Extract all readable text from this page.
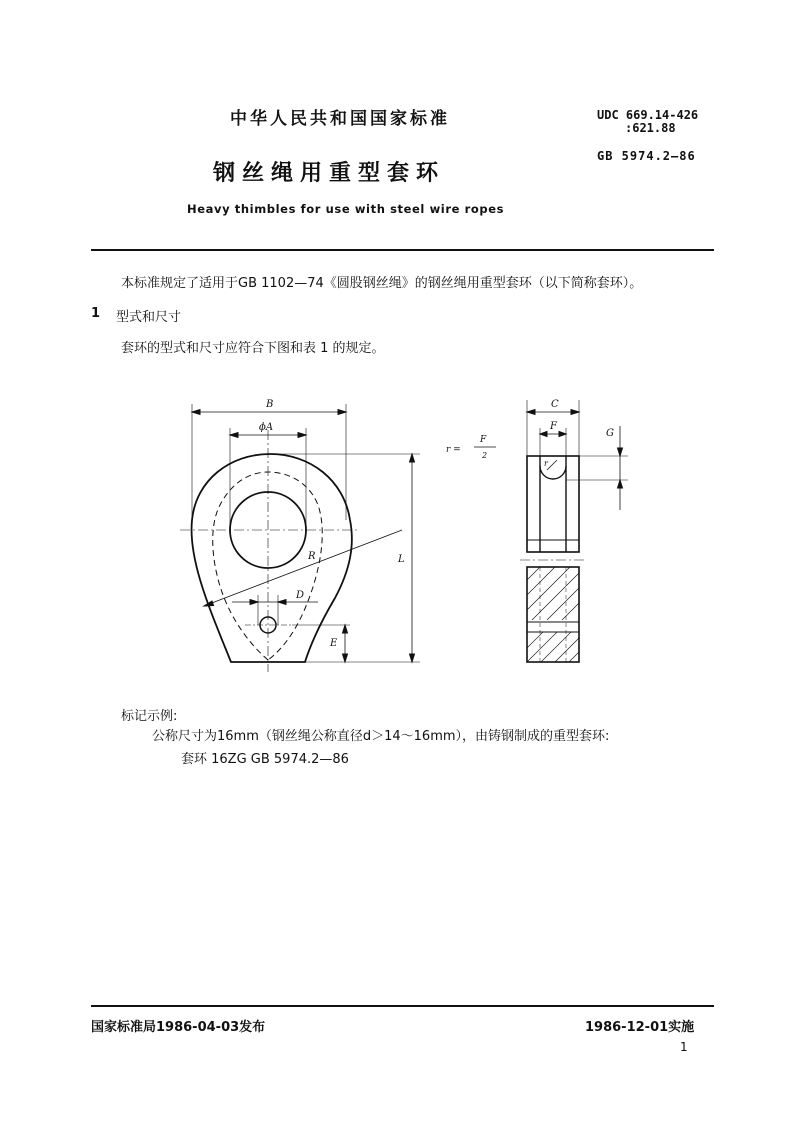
中华人民共和国国家标准	UDC 669.14-426
:621.88
GB 5974.2—86
钢丝绳用重型套环
Heavy thimbles for use with steel wire ropes
本标准规定了适用于GB 1102—74《圆股钢丝绳》的钢丝绳用重型套环（以下简称套环）。
1 型式和尺寸
套环的型式和尺寸应符合下图和表 1 的规定。
B
ϕA
L
R
D
E
C
F
G
r
r =
F
2
标记示例:
公称尺寸为16mm（钢丝绳公称直径d＞14～16mm），由铸钢制成的重型套环:
套环 16ZG GB 5974.2—86
国家标准局1986-04-03发布	1986-12-01实施
1
